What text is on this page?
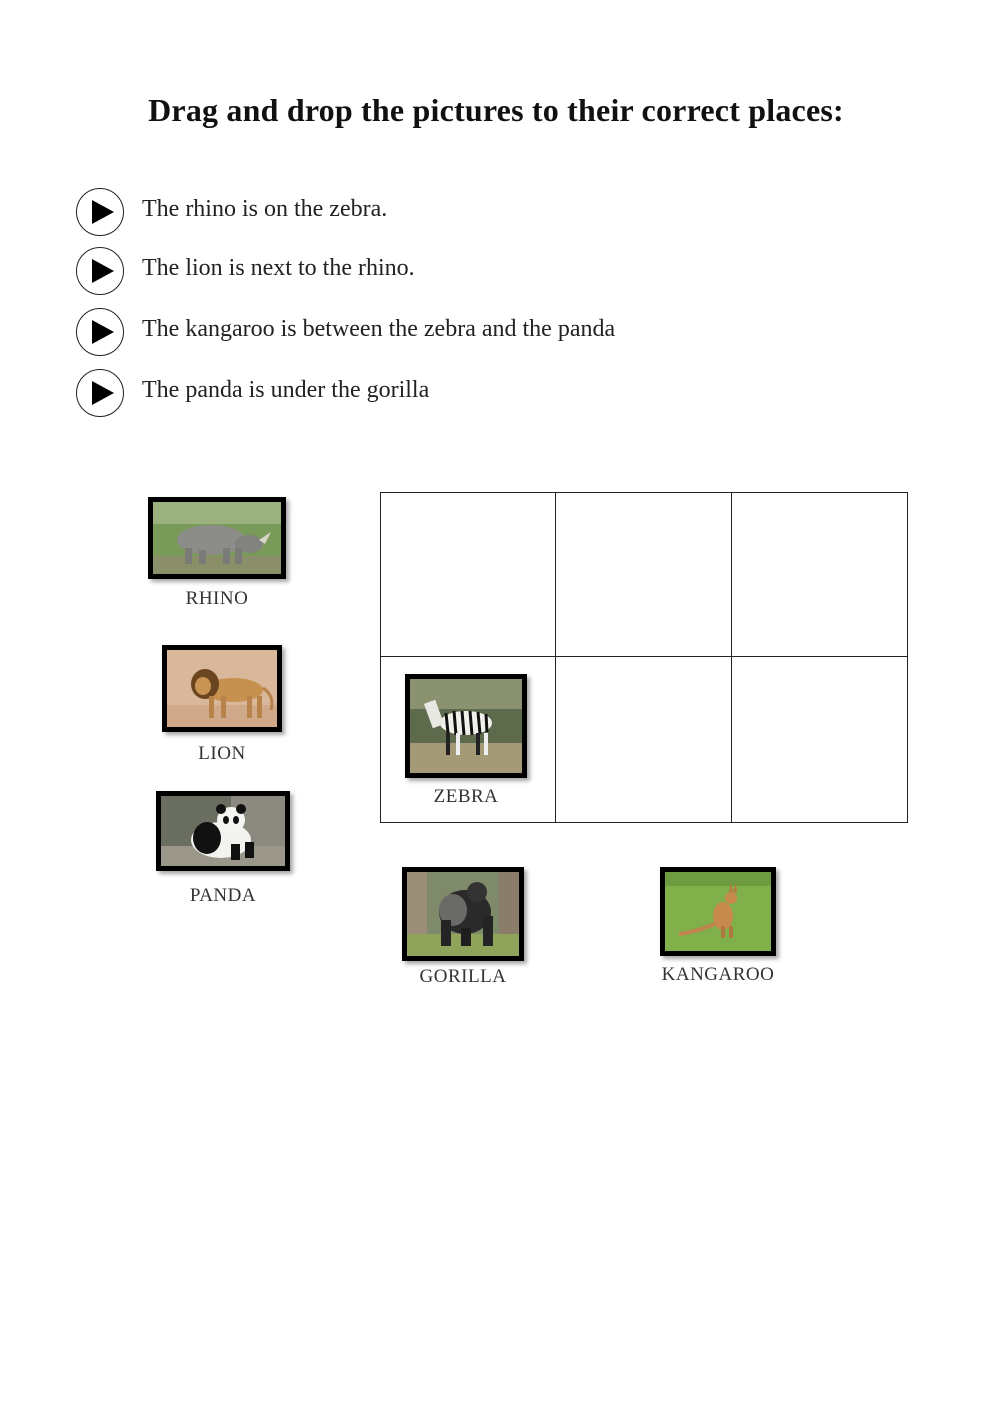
Drag and drop the pictures to their correct places:
The rhino is on the zebra.
The lion is next to the rhino.
The kangaroo is between the zebra and the panda
The panda is under the gorilla
RHINO
LION
PANDA
ZEBRA
GORILLA	KANGAROO
